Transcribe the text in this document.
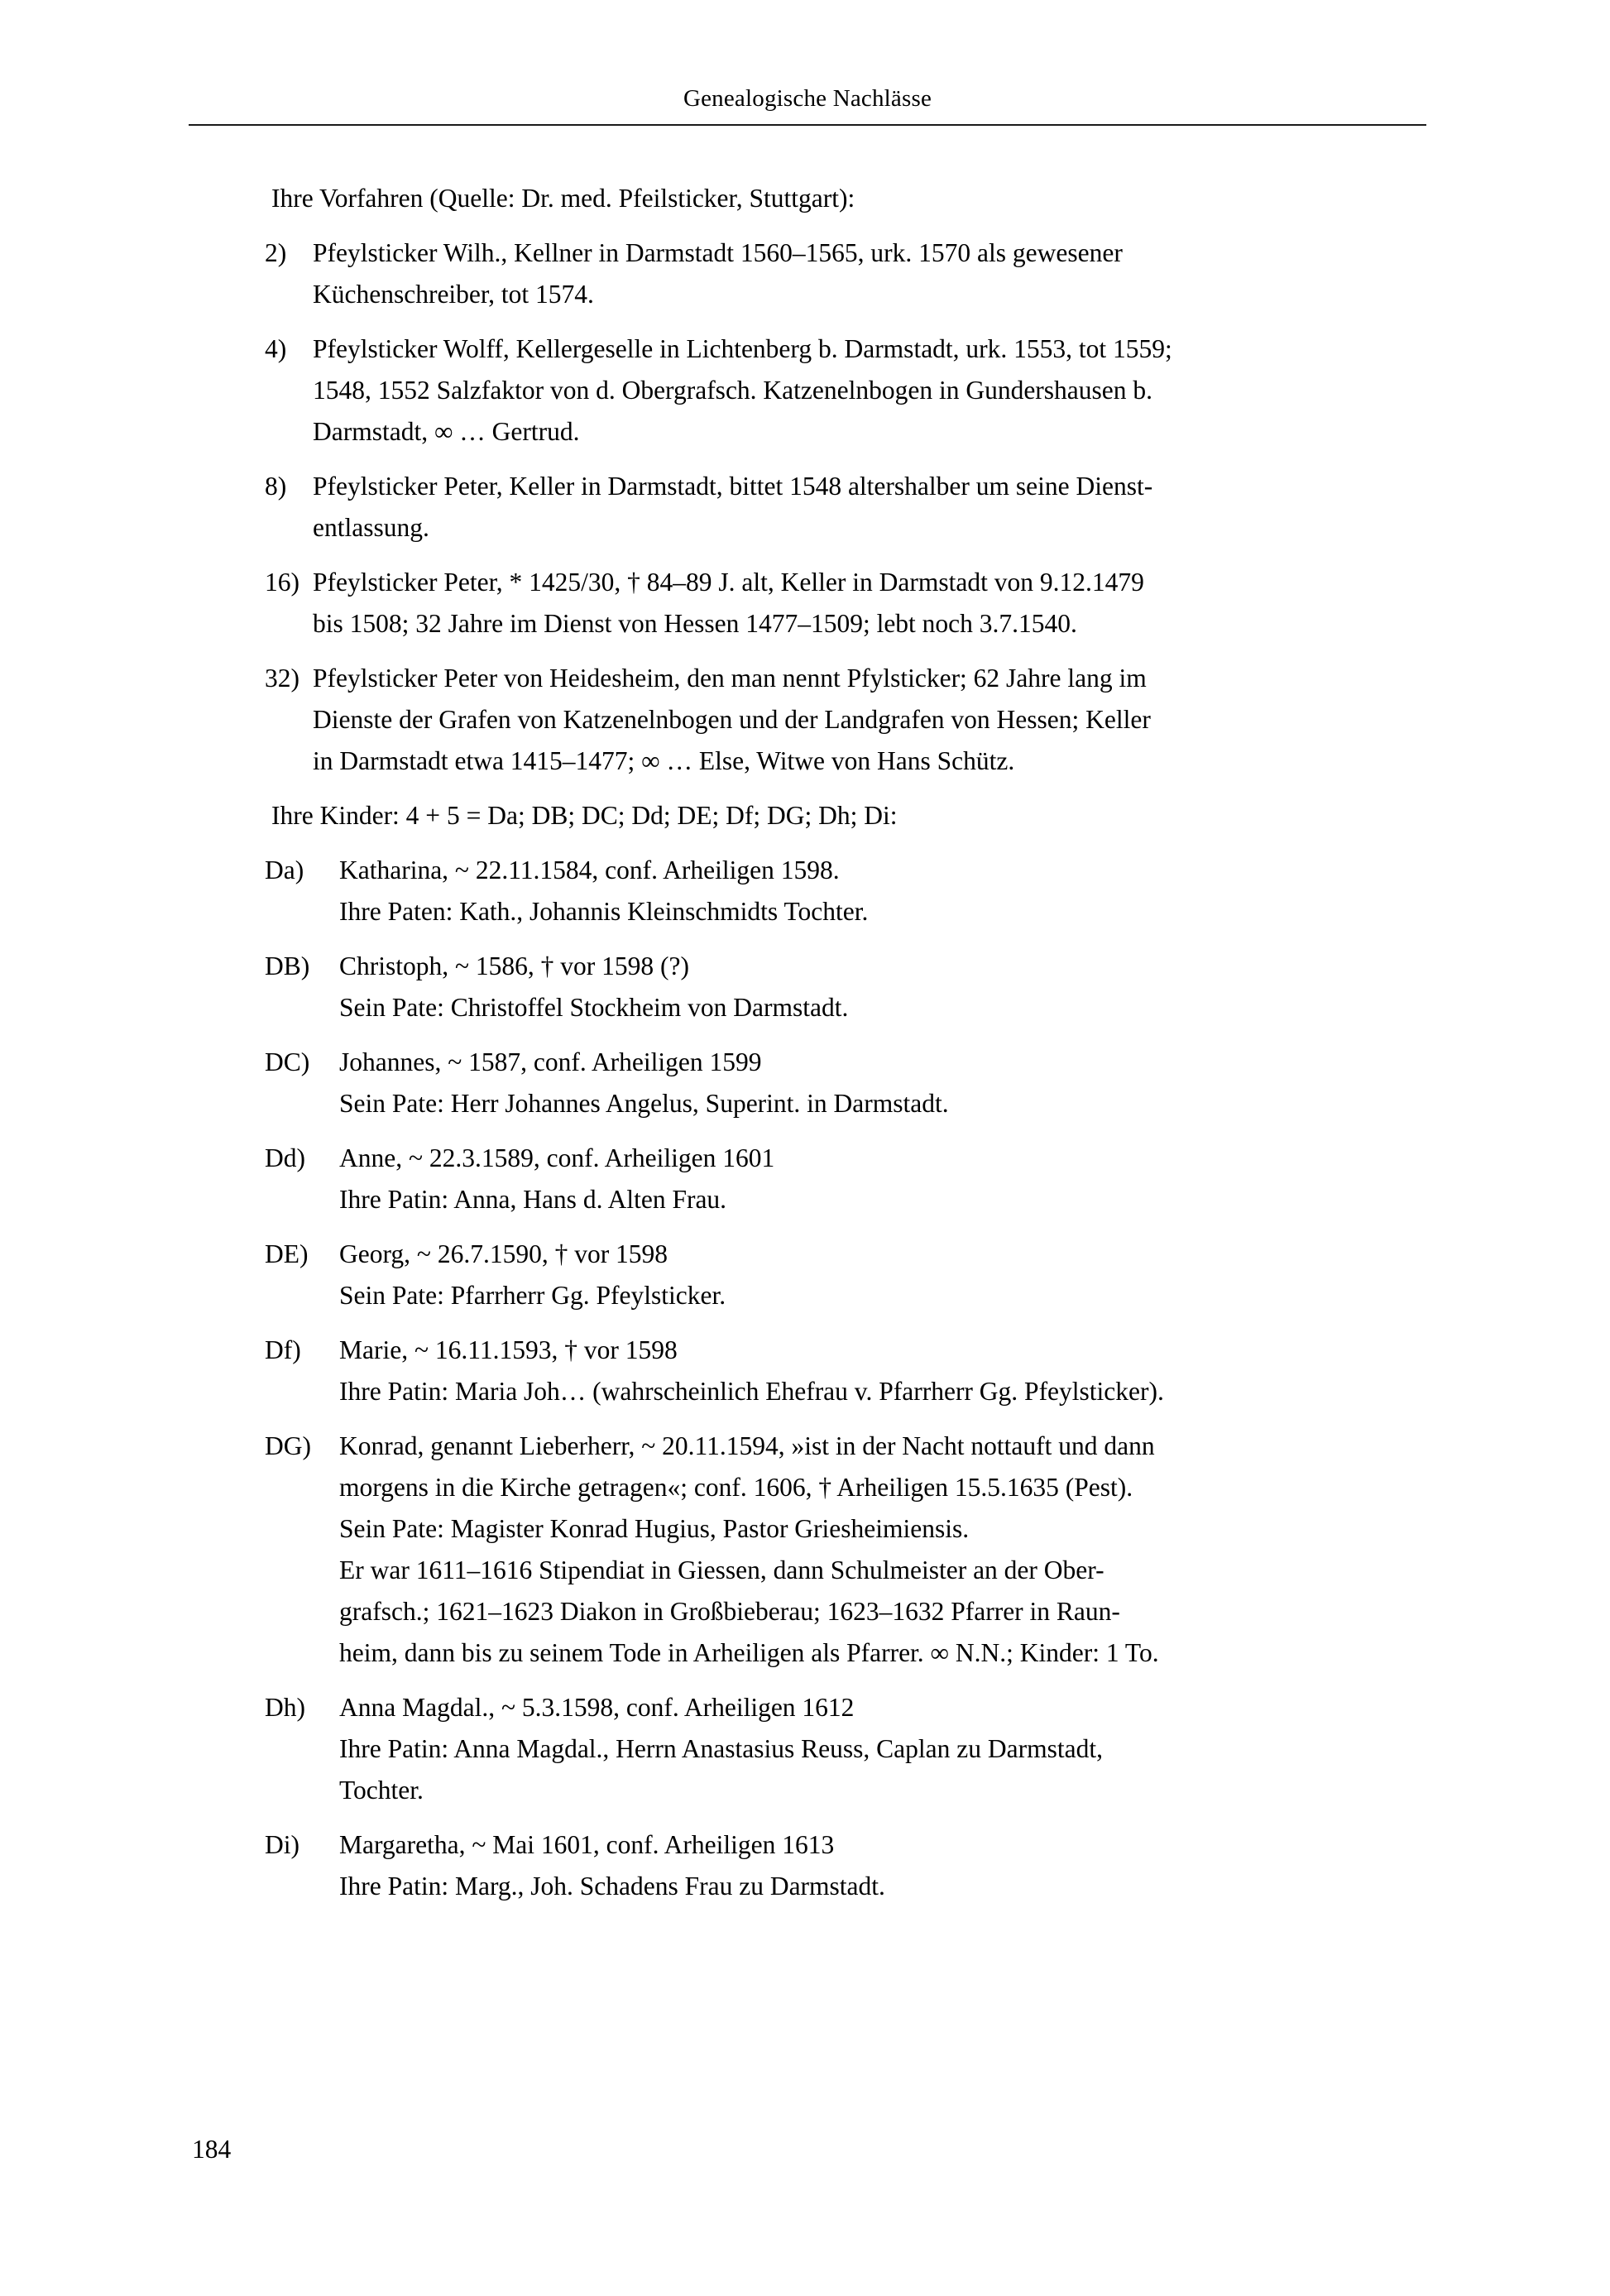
Genealogische Nachlässe

Ihre Vorfahren (Quelle: Dr. med. Pfeilsticker, Stuttgart):

2)	Pfeylsticker Wilh., Kellner in Darmstadt 1560–1565, urk. 1570 als gewesener
Küchenschreiber, tot 1574.
4)	Pfeylsticker Wolff, Kellergeselle in Lichtenberg b. Darmstadt, urk. 1553, tot 1559;
1548, 1552 Salzfaktor von d. Obergrafsch. Katzenelnbogen in Gundershausen b.
Darmstadt, ∞ … Gertrud.
8)	Pfeylsticker Peter, Keller in Darmstadt, bittet 1548 altershalber um seine Dienst-
entlassung.
16) Pfeylsticker Peter, * 1425/30, † 84–89 J. alt, Keller in Darmstadt von 9.12.1479
bis 1508; 32 Jahre im Dienst von Hessen 1477–1509; lebt noch 3.7.1540.
32) Pfeylsticker Peter von Heidesheim, den man nennt Pfylsticker; 62 Jahre lang im
Dienste der Grafen von Katzenelnbogen und der Landgrafen von Hessen; Keller
in Darmstadt etwa 1415–1477; ∞ … Else, Witwe von Hans Schütz.

Ihre Kinder: 4 + 5 = Da; DB; DC; Dd; DE; Df; DG; Dh; Di:

Da)	Katharina, ~ 22.11.1584, conf. Arheiligen 1598.
Ihre Paten: Kath., Johannis Kleinschmidts Tochter.
DB)	Christoph, ~ 1586, † vor 1598 (?)
Sein Pate: Christoffel Stockheim von Darmstadt.
DC)	Johannes, ~ 1587, conf. Arheiligen 1599
Sein Pate: Herr Johannes Angelus, Superint. in Darmstadt.
Dd)	Anne, ~ 22.3.1589, conf. Arheiligen 1601
Ihre Patin: Anna, Hans d. Alten Frau.
DE)	Georg, ~ 26.7.1590, † vor 1598
Sein Pate: Pfarrherr Gg. Pfeylsticker.
Df)	Marie, ~ 16.11.1593, † vor 1598
Ihre Patin: Maria Joh… (wahrscheinlich Ehefrau v. Pfarrherr Gg. Pfeylsticker).
DG)	Konrad, genannt Lieberherr, ~ 20.11.1594, »ist in der Nacht nottauft und dann
morgens in die Kirche getragen«; conf. 1606, † Arheiligen 15.5.1635 (Pest).
Sein Pate: Magister Konrad Hugius, Pastor Griesheimiensis.
Er war 1611–1616 Stipendiat in Giessen, dann Schulmeister an der Ober-
grafsch.; 1621–1623 Diakon in Großbieberau; 1623–1632 Pfarrer in Raun-
heim, dann bis zu seinem Tode in Arheiligen als Pfarrer. ∞ N.N.; Kinder: 1 To.
Dh)	Anna Magdal., ~ 5.3.1598, conf. Arheiligen 1612
Ihre Patin: Anna Magdal., Herrn Anastasius Reuss, Caplan zu Darmstadt,
Tochter.
Di)	Margaretha, ~ Mai 1601, conf. Arheiligen 1613
Ihre Patin: Marg., Joh. Schadens Frau zu Darmstadt.
184
